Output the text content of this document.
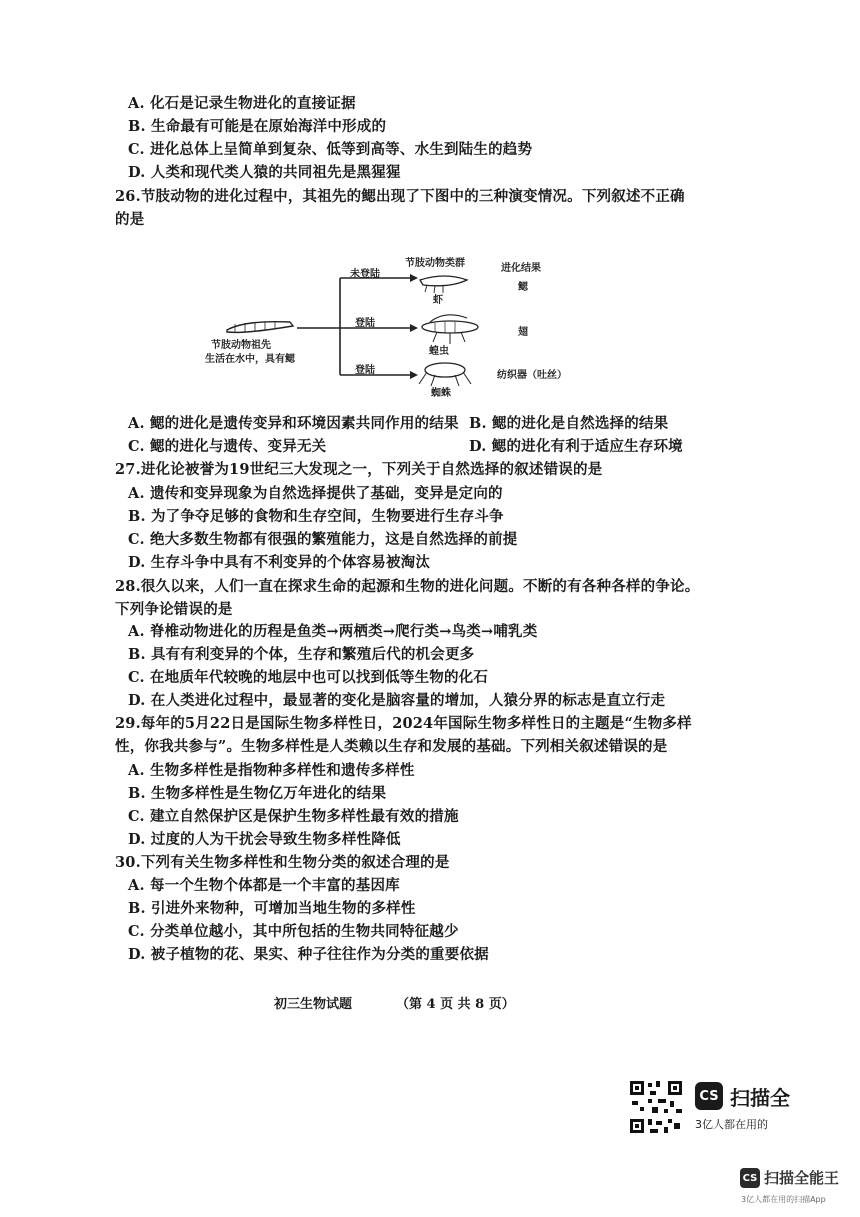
A. 化石是记录生物进化的直接证据
B. 生命最有可能是在原始海洋中形成的
C. 进化总体上呈简单到复杂、低等到高等、水生到陆生的趋势
D. 人类和现代类人猿的共同祖先是黑猩猩
26.节肢动物的进化过程中，其祖先的鳃出现了下图中的三种演变情况。下列叙述不正确
的是
节肢动物祖先
生活在水中，具有鳃
未登陆
登陆
登陆
节肢动物类群	进化结果
虾
蝗虫
蜘蛛
鳃
翅
纺织器（吐丝）
A. 鳃的进化是遗传变异和环境因素共同作用的结果 B. 鳃的进化是自然选择的结果
C. 鳃的进化与遗传、变异无关	D. 鳃的进化有利于适应生存环境
27.进化论被誉为19世纪三大发现之一，下列关于自然选择的叙述错误的是
A. 遗传和变异现象为自然选择提供了基础，变异是定向的
B. 为了争夺足够的食物和生存空间，生物要进行生存斗争
C. 绝大多数生物都有很强的繁殖能力，这是自然选择的前提
D. 生存斗争中具有不利变异的个体容易被淘汰
28.很久以来，人们一直在探求生命的起源和生物的进化问题。不断的有各种各样的争论。
下列争论错误的是
A. 脊椎动物进化的历程是鱼类→两栖类→爬行类→鸟类→哺乳类
B. 具有有利变异的个体，生存和繁殖后代的机会更多
C. 在地质年代较晚的地层中也可以找到低等生物的化石
D. 在人类进化过程中，最显著的变化是脑容量的增加，人猿分界的标志是直立行走
29.每年的5月22日是国际生物多样性日，2024年国际生物多样性日的主题是“生物多样
性，你我共参与”。生物多样性是人类赖以生存和发展的基础。下列相关叙述错误的是
A. 生物多样性是指物种多样性和遗传多样性
B. 生物多样性是生物亿万年进化的结果
C. 建立自然保护区是保护生物多样性最有效的措施
D. 过度的人为干扰会导致生物多样性降低
30.下列有关生物多样性和生物分类的叙述合理的是
A. 每一个生物个体都是一个丰富的基因库
B. 引进外来物种，可增加当地生物的多样性
C. 分类单位越小，其中所包括的生物共同特征越少
D. 被子植物的花、果实、种子往往作为分类的重要依据
初三生物试题	（第 4 页 共 8 页）
CS 扫描全
3亿人都在用的
CS 扫描全能王
3亿人都在用的扫描App
